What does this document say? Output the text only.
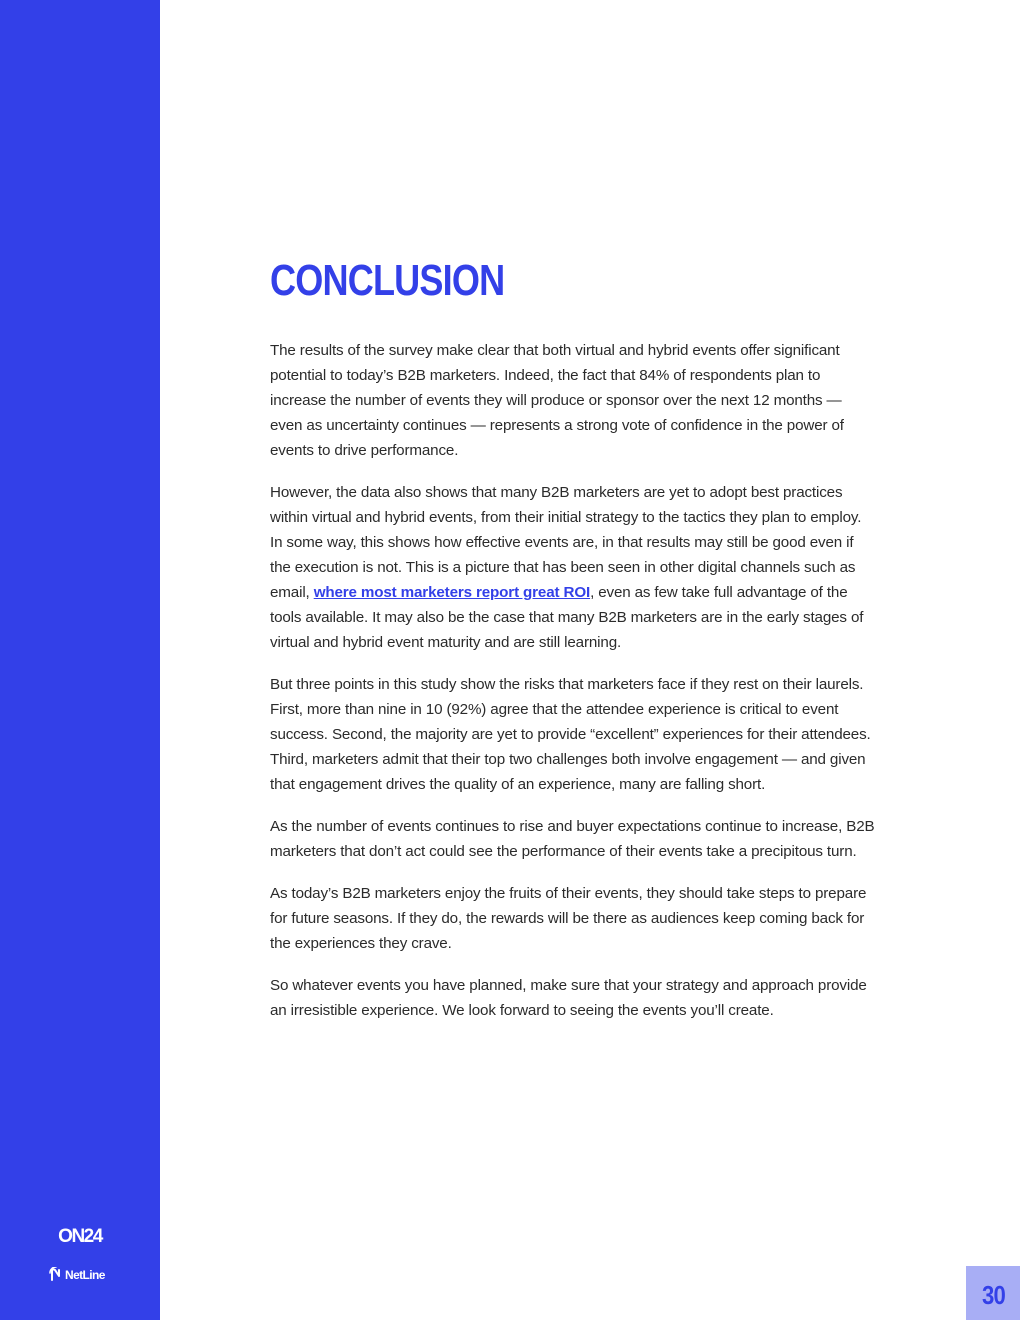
ON24
NetLine
CONCLUSION

The results of the survey make clear that both virtual and hybrid events offer significant potential to today’s B2B marketers. Indeed, the fact that 84% of respondents plan to increase the number of events they will produce or sponsor over the next 12 months — even as uncertainty continues — represents a strong vote of confidence in the power of events to drive performance.

However, the data also shows that many B2B marketers are yet to adopt best practices within virtual and hybrid events, from their initial strategy to the tactics they plan to employ. In some way, this shows how effective events are, in that results may still be good even if the execution is not. This is a picture that has been seen in other digital channels such as email, where most marketers report great ROI, even as few take full advantage of the tools available. It may also be the case that many B2B marketers are in the early stages of virtual and hybrid event maturity and are still learning.

But three points in this study show the risks that marketers face if they rest on their laurels. First, more than nine in 10 (92%) agree that the attendee experience is critical to event success. Second, the majority are yet to provide “excellent” experiences for their attendees. Third, marketers admit that their top two challenges both involve engagement — and given that engagement drives the quality of an experience, many are falling short.

As the number of events continues to rise and buyer expectations continue to increase, B2B marketers that don’t act could see the performance of their events take a precipitous turn.

As today’s B2B marketers enjoy the fruits of their events, they should take steps to prepare for future seasons. If they do, the rewards will be there as audiences keep coming back for the experiences they crave.

So whatever events you have planned, make sure that your strategy and approach provide an irresistible experience. We look forward to seeing the events you’ll create.

30
